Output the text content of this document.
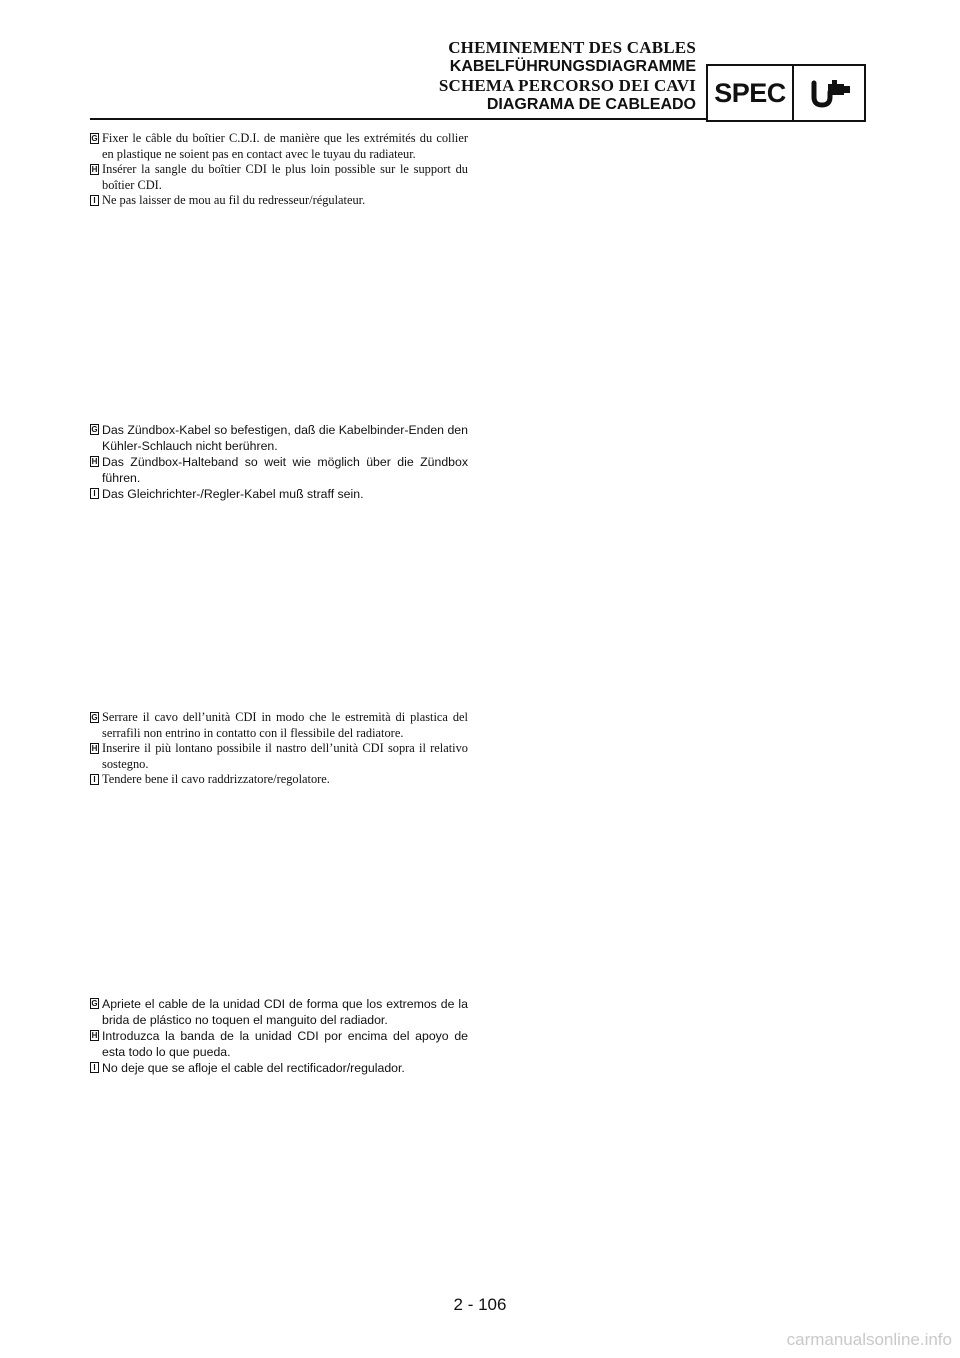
CHEMINEMENT DES CABLES
KABELFÜHRUNGSDIAGRAMME
SCHEMA PERCORSO DEI CAVI
DIAGRAMA DE CABLEADO SPEC
G Fixer le câble du boîtier C.D.I. de manière que les extrémités du collier en plastique ne soient pas en contact avec le tuyau du radiateur.
H Insérer la sangle du boîtier CDI le plus loin possible sur le support du boîtier CDI.
I Ne pas laisser de mou au fil du redresseur/régulateur.
G Das Zündbox-Kabel so befestigen, daß die Kabelbinder-Enden den Kühler-Schlauch nicht berühren.
H Das Zündbox-Halteband so weit wie möglich über die Zündbox führen.
I Das Gleichrichter-/Regler-Kabel muß straff sein.
G Serrare il cavo dell’unità CDI in modo che le estremità di plastica del serrafili non entrino in contatto con il flessibile del radiatore.
H Inserire il più lontano possibile il nastro dell’unità CDI sopra il relativo sostegno.
I Tendere bene il cavo raddrizzatore/regolatore.
G Apriete el cable de la unidad CDI de forma que los extremos de la brida de plástico no toquen el manguito del radiador.
H Introduzca la banda de la unidad CDI por encima del apoyo de esta todo lo que pueda.
I No deje que se afloje el cable del rectificador/regulador.
2 - 106
carmanualsonline.info
